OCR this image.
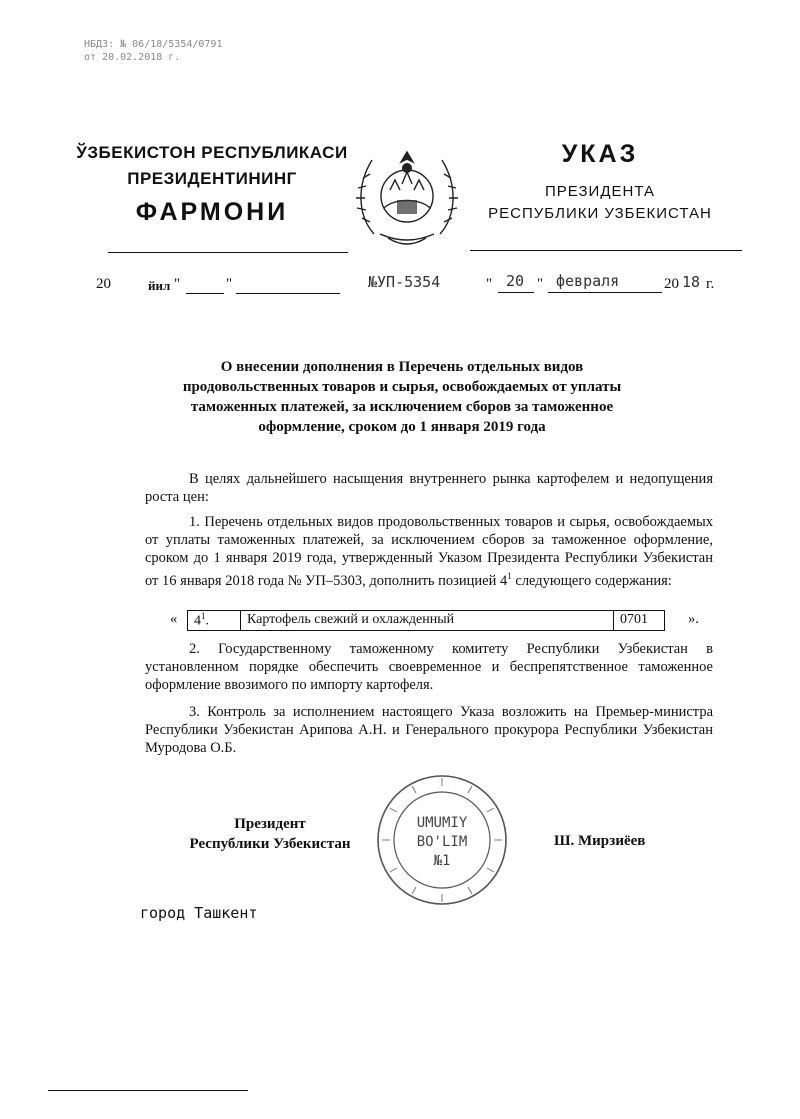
НБДЗ: № 06/18/5354/0791
от 20.02.2018 г.
ЎЗБЕКИСТОН РЕСПУБЛИКАСИ
ПРЕЗИДЕНТИНИНГ
ФАРМОНИ
УКАЗ
ПРЕЗИДЕНТА
РЕСПУБЛИКИ УЗБЕКИСТАН
20	йил "	"	№УП-5354	" 20 " февраля	20 18 г.
О внесении дополнения в Перечень отдельных видов продовольственных товаров и сырья, освобождаемых от уплаты таможенных платежей, за исключением сборов за таможенное оформление, сроком до 1 января 2019 года
В целях дальнейшего насыщения внутреннего рынка картофелем и недопущения роста цен:
1. Перечень отдельных видов продовольственных товаров и сырья, освобождаемых от уплаты таможенных платежей, за исключением сборов за таможенное оформление, сроком до 1 января 2019 года, утвержденный Указом Президента Республики Узбекистан от 16 января 2018 года № УП–5303, дополнить позицией $4^1$ следующего содержания:
« $4^1$.	Картофель свежий и охлажденный	0701	».
2. Государственному таможенному комитету Республики Узбекистан в установленном порядке обеспечить своевременное и беспрепятственное таможенное оформление ввозимого по импорту картофеля.
3. Контроль за исполнением настоящего Указа возложить на Премьер-министра Республики Узбекистан Арипова А.Н. и Генерального прокурора Республики Узбекистан Муродова О.Б.
Президент
Республики Узбекистан
UMUMIY
BO'LIM
№1
Ш. Мирзиёев
город Ташкент
